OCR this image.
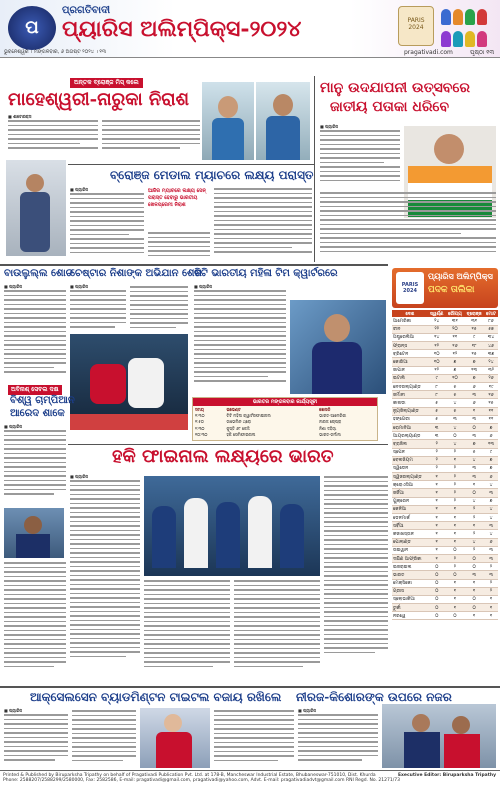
ପ
ପ୍ରଗତିବାଦୀ
ପ୍ୟାରିସ ଅଲିମ୍ପିକ୍ସ-୨୦୨୪
ଭୁବନେଶ୍ୱର । ମଙ୍ଗଳବାର, ୬ ଅଗଷ୍ଟ ୨୦୨୪ । ୧୩
PARIS 2024

pragativadi.com	ପୃଷ୍ଠା ୧୩
ଅନ୍ତକ ବ୍ରୋଞ୍ଜ ମିସ୍ କଲେ
ମାହେଶ୍ୱରୀ-ନାରୁକା ନିରାଶ
■ ଶାଟୋରକ୍ସ
ମାନୁ ଉଦଯାପନୀ ଉତ୍ସବରେ
ଜାତୀୟ ପତାକା ଧରିବେ
■ ପ୍ୟାରିସ
ବ୍ରୋଞ୍ଜ ମେଡାଲ ମ୍ୟାଚରେ ଲକ୍ଷ୍ୟ ପରାସ୍ତ
■ ପ୍ୟାରିସ	ଆଜିର ମ୍ୟାଚରେ ଲକ୍ଷ୍ୟ ସେନ୍ ପରାସ୍ତ ହେବାରୁ ଭାରତୀୟ ଖେଳପ୍ରେମୀ ନିରାଶ
ବାଉଲୁଲ୍ଲ ଶୋଚ
■ ପ୍ୟାରିସ
ଚେଷ୍ଟାର ନିଶାଙ୍କ ଅଭିଯାନ ଶେଷ
■ ପ୍ୟାରିସ
ଟିଟି ଭାରତୀୟ ମହିଳା ଟିମ କ୍ୱାର୍ଟରରେ
■ ପ୍ୟାରିସ
ଭାରତର ମଙ୍ଗଳବାର କାର୍ଯ୍ୟସୂଚୀ
ସମୟ	ଇଭେଣ୍ଟ	ଖେଳାଳି
୧:୩୦	ଟିଟି ମହିଳା କ୍ୱାର୍ଟରଫାଇନାଲ	ଭାରତ-ଆମେରିକା
୧:୫୦	ଜାଭେଲିନ ଥ୍ରୋ	ନୀରଜ ଚୋପ୍ରା
୨:୩୦	କୁସ୍ତି ୬୮ କେଜି	ନିଶା ଦହିୟା
୧୦:୩୦	ହକି ସେମିଫାଇନାଲ	ଭାରତ-ଜର୍ମାନୀ
ଅବିନାଶ୍ ସେବଲ ଦକ୍ଷ
ବିଶ୍ୱ ଚାମ୍ପିଆନ
ଆରେଦ ଶାକେ
■ ପ୍ୟାରିସ
ହକି ଫାଇନାଲ ଲକ୍ଷ୍ୟରେ ଭାରତ
■ ପ୍ୟାରିସ
PARIS 2024
ପ୍ୟାରିସ ଅଲିମ୍ପିକ୍ସ
ପଦକ ତାଲିକା
ଦେଶ	ସ୍ୱର୍ଣ୍ଣ	ରୌପ୍ୟ	ବ୍ରୋଞ୍ଜ	ମୋଟ
ଆମେରିକା	୨୪	୩୧	୩୧	୮୬
ଚୀନ	୨୨	୨୦	୧୫	୫୭
ଅଷ୍ଟ୍ରେଲିଆ	୧୪	୧୧	୯	୩୪
ଫ୍ରାନ୍ସ	୧୨	୧୬	୧୮	୪୬
ବ୍ରିଟେନ	୧୦	୧୨	୧୫	୩୭
କୋରିଆ	୧୦	୭	୭	୨୪
ଜାପାନ	୧୨	୭	୧୩	୩୨
ଇଟାଲି	୯	୧୦	୭	୨୬
ନେଦରଲ୍ୟାଣ୍ଡ	୮	୫	୬	୧୯
ଜର୍ମାନୀ	୮	୫	୩	୧୬
କାନାଡା	୫	୪	୬	୧୫
ନ୍ୟୁଜିଲ୍ୟାଣ୍ଡ	୫	୫	୧	୧୧
ହଙ୍ଗେରୀ	୫	୩	୩	୧୧
ରୋମାନିଆ	୩	୪	୦	୭
ଆୟରଲ୍ୟାଣ୍ଡ	୩	୦	୩	୬
ବ୍ରାଜିଲ	୨	୪	୭	୧୩
ସ୍ପେନ	୨	୨	୫	୯
ବେଲଜିୟମ	୨	୧	୪	୭
ସ୍ୱିଡେନ	୨	୨	୩	୭
ସ୍ୱିଜରଲ୍ୟାଣ୍ଡ	୧	୨	୩	୬
କ୍ରୋଏସିଆ	୧	୨	୧	୪
ଜର୍ଜିଆ	୧	୨	୦	୩
ୟୁକ୍ରେନ	୧	୨	୪	୭
କେନିଆ	୧	୧	୨	୪
ଡେନମାର୍କ	୧	୧	୨	୪
ସର୍ବିଆ	୧	୧	୧	୩
କଜାଖସ୍ତାନ	୧	୧	୨	୪
ପୋଲାଣ୍ଡ	୧	୧	୪	୬
ତାଇୱାନ	୧	୦	୨	୩
ଦକ୍ଷିଣ ଆଫ୍ରିକା	୧	୨	୦	୩
ଇଜରାଇଲ	୦	୨	୦	୨
ଭାରତ	୦	୦	୩	୩
ମେକ୍ସିକୋ	୦	୧	୧	୨
ଗ୍ରୀସ	୦	୧	୧	୨
ସ୍ଲୋଭାକିଆ	୦	୧	୦	୧
ତୁର୍କୀ	୦	୧	୦	୧
ନରୱେ	୦	୦	୧	୧
ଆକ୍ସେଲସେନ ବ୍ୟାଡମିଣ୍ଟନ ଟାଇଟଲ ବଜାୟ ରଖିଲେ ନୀରଜ-କିଶୋରଙ୍କ ଉପରେ ନଜର
■ ପ୍ୟାରିସ	■ ପ୍ୟାରିସ
Printed & Published by Biruparksha Tripathy on behalf of Pragativadi Publication Pvt. Ltd. at 178-B, Mancheswar Industrial Estate, Bhubaneswar-751010, Dist. Khurda
Phone: 2588207/2588299/2580000, Fax: 2582586, E-mail: pragativadi@gmail.com, pragativadi@yahoo.com, Advt. E-mail: pragativadiadvt@gmail.com RNI Regd. No. 21271/73
Executive Editor: Biruparksha Tripathy
